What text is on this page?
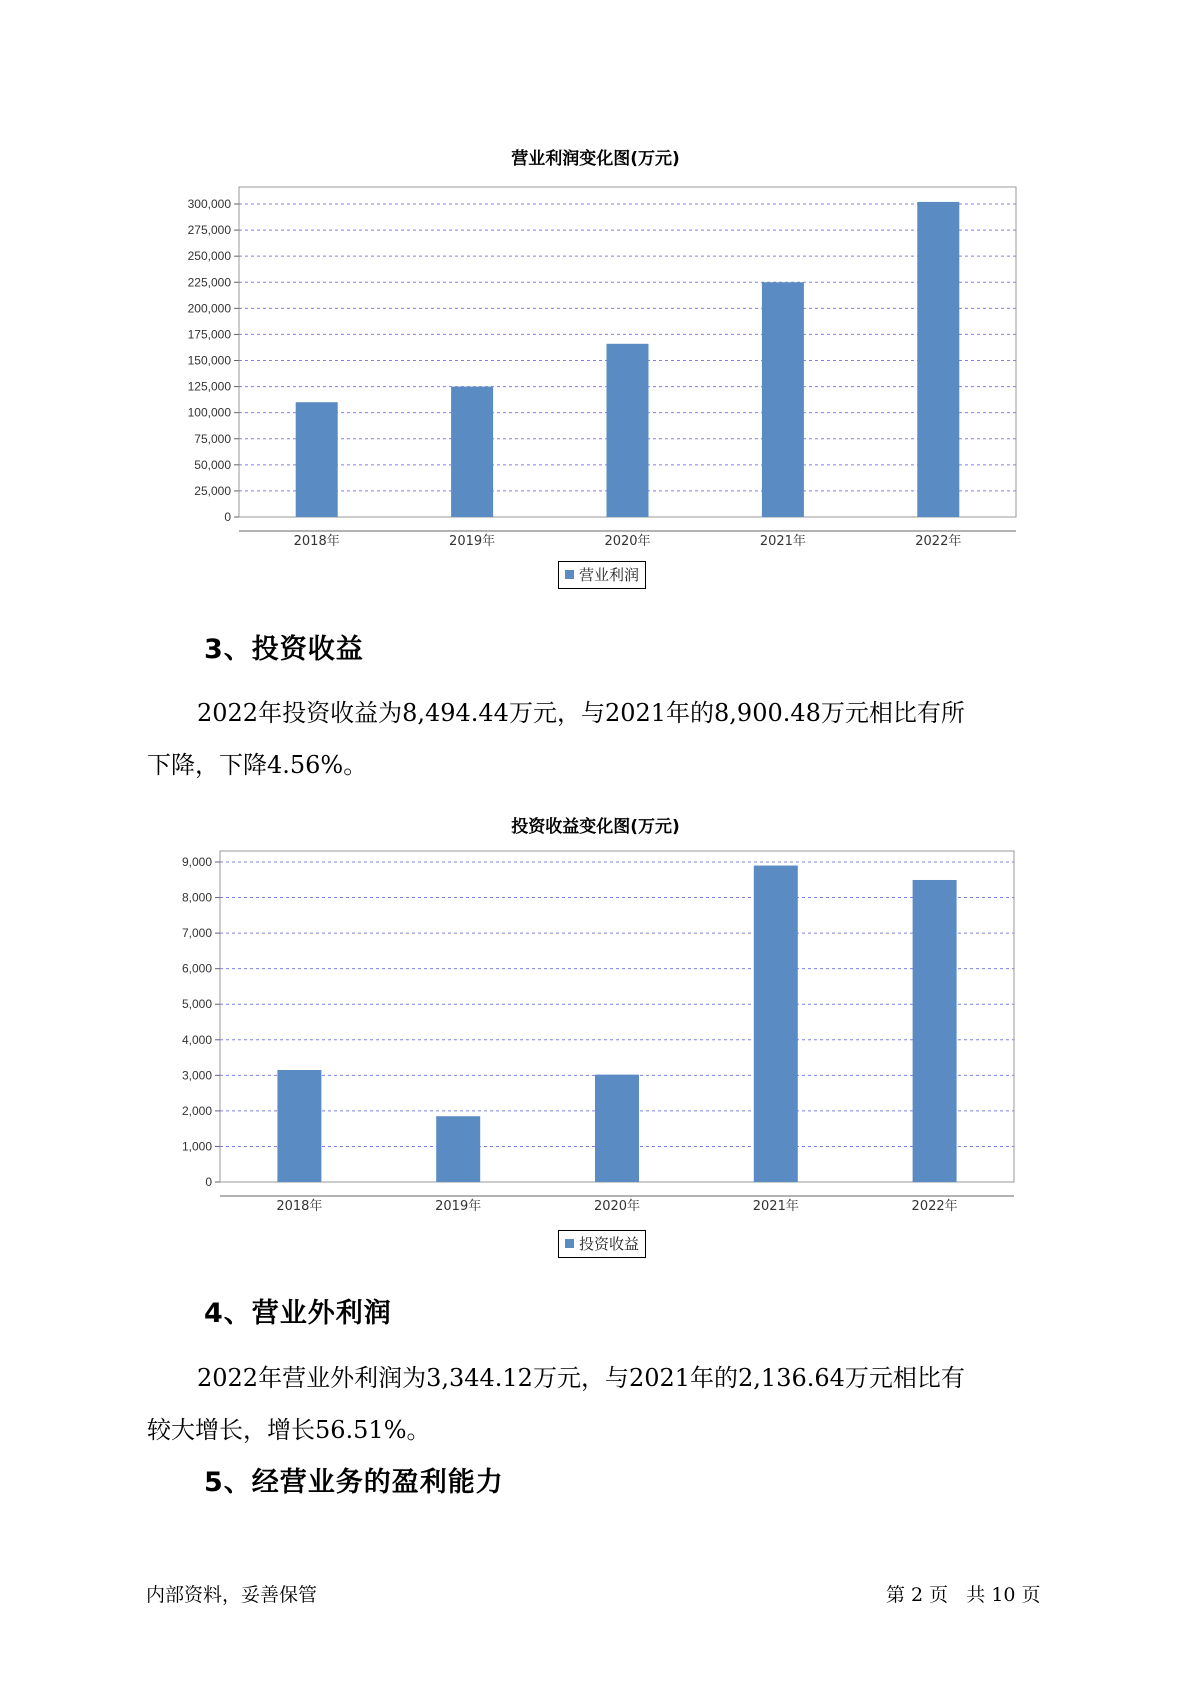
营业利润变化图(万元)
0
25,000
50,000
75,000
100,000
125,000
150,000
175,000
200,000
225,000
250,000
275,000
300,000
2018年	2019年	2020年	2021年	2022年
营业利润
3、投资收益
2022年投资收益为8,494.44万元，与2021年的8,900.48万元相比有所
下降，下降4.56%。
投资收益变化图(万元)
0
1,000
2,000
3,000
4,000
5,000
6,000
7,000
8,000
9,000
2018年	2019年	2020年	2021年	2022年
投资收益
4、营业外利润
2022年营业外利润为3,344.12万元，与2021年的2,136.64万元相比有
较大增长，增长56.51%。
5、经营业务的盈利能力
内部资料，妥善保管	第 2 页   共 10 页
